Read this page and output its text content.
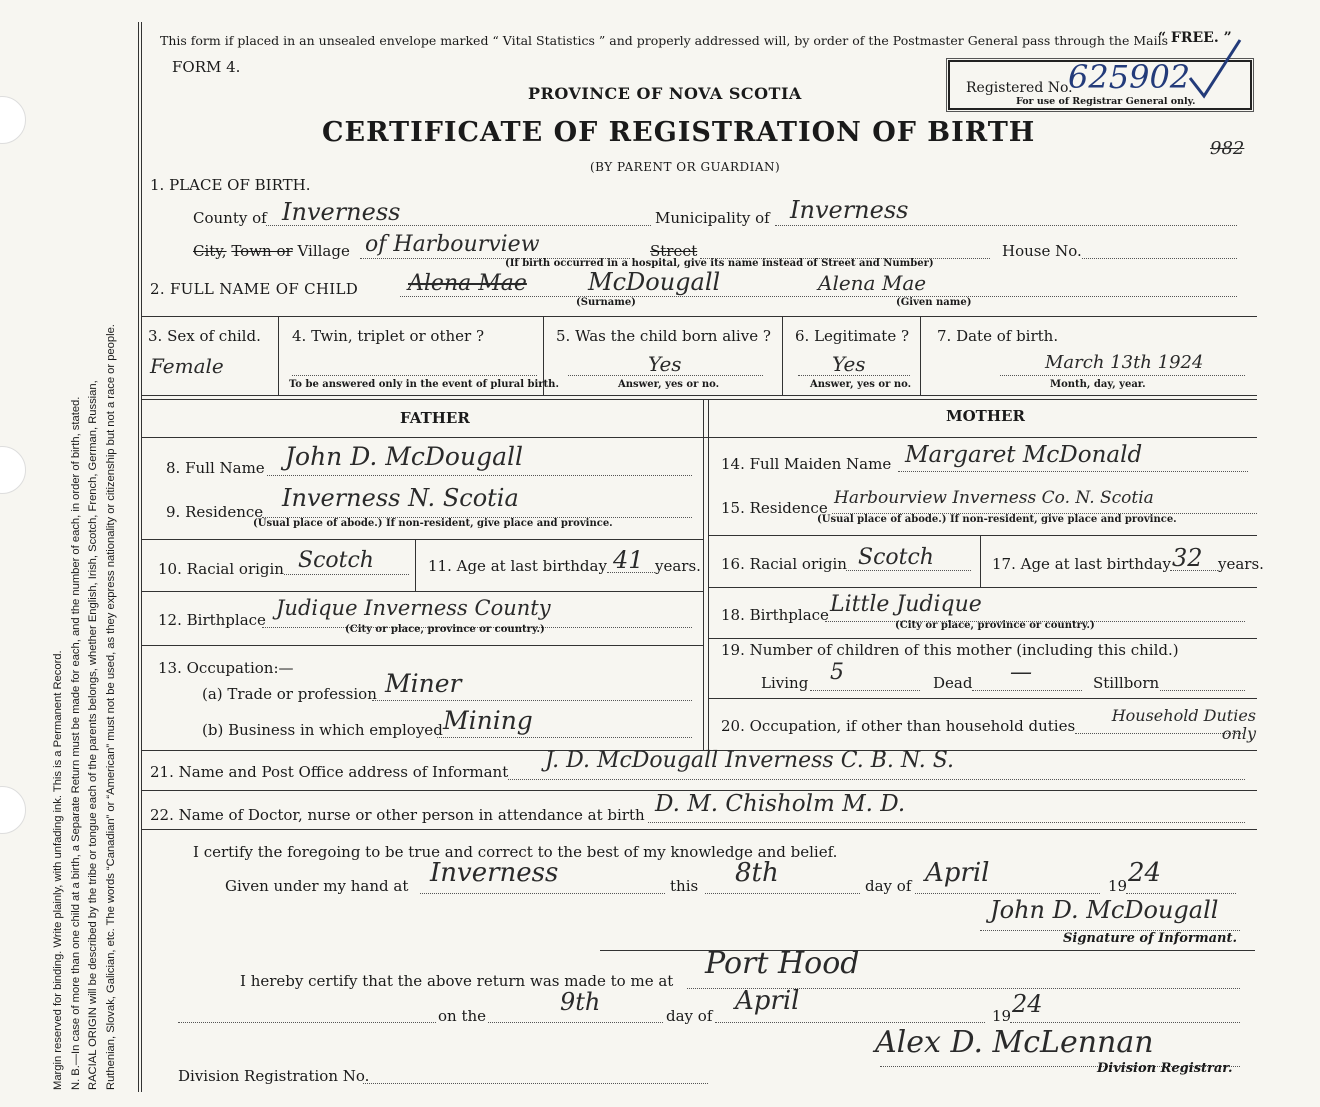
Margin reserved for binding. Write plainly, with unfading ink. This is a Permanent Record. N. B.—In case of more than one child at a birth, a Separate Return must be made for each, and the number of each, in order of birth, stated. RACIAL ORIGIN will be described by the tribe or tongue each of the parents belongs, whether English, Irish, Scotch, French, German, Russian, Ruthenian, Slovak, Galician, etc. The words “Canadian” or “American” must not be used, as they express nationality or citizenship but not a race or people.
This form if placed in an unsealed envelope marked “ Vital Statistics ” and properly addressed will, by order of the Postmaster General pass through the Mails
“ FREE. ”
FORM 4.
PROVINCE OF NOVA SCOTIA
CERTIFICATE OF REGISTRATION OF BIRTH
(BY PARENT OR GUARDIAN)
Registered No.
625902
For use of Registrar General only.
982
1. PLACE OF BIRTH.
County of Inverness	Municipality of Inverness
City, Town or Village of Harbourview	Street	House No.
(If birth occurred in a hospital, give its name instead of Street and Number)
2. FULL NAME OF CHILD Alena Mae	McDougall
(Surname)
Alena Mae
(Given name)
3. Sex of child.
Female
4. Twin, triplet or other ?
To be answered only in the event of plural birth.
5. Was the child born alive ?
Yes
Answer, yes or no.
6. Legitimate ?
Yes
Answer, yes or no.
7. Date of birth.
March 13th 1924
Month, day, year.
FATHER	MOTHER
8. Full Name John D. McDougall
9. Residence Inverness N. Scotia
(Usual place of abode.) If non-resident, give place and province.
10. Racial origin Scotch	11. Age at last birthday 41 years.
12. Birthplace Judique Inverness County
(City or place, province or country.)
13. Occupation:—
(a) Trade or profession Miner
(b) Business in which employed Mining
14. Full Maiden Name Margaret McDonald
15. Residence Harbourview Inverness Co. N. Scotia
(Usual place of abode.) If non-resident, give place and province.
16. Racial origin Scotch	17. Age at last birthday 32 years.
18. Birthplace Little Judique
(City or place, province or country.)
19. Number of children of this mother (including this child.)
Living 5	Dead —	Stillborn
20. Occupation, if other than household duties
Household Duties only
21. Name and Post Office address of Informant J. D. McDougall Inverness C. B. N. S.
22. Name of Doctor, nurse or other person in attendance at birth D. M. Chisholm M. D.
I certify the foregoing to be true and correct to the best of my knowledge and belief.
Given under my hand at Inverness	this 8th	day of April	19 24
John D. McDougall
Signature of Informant.
I hereby certify that the above return was made to me at Port Hood
on the	9th	day of April	19 24
Alex D. McLennan
Division Registration No.	Division Registrar.
